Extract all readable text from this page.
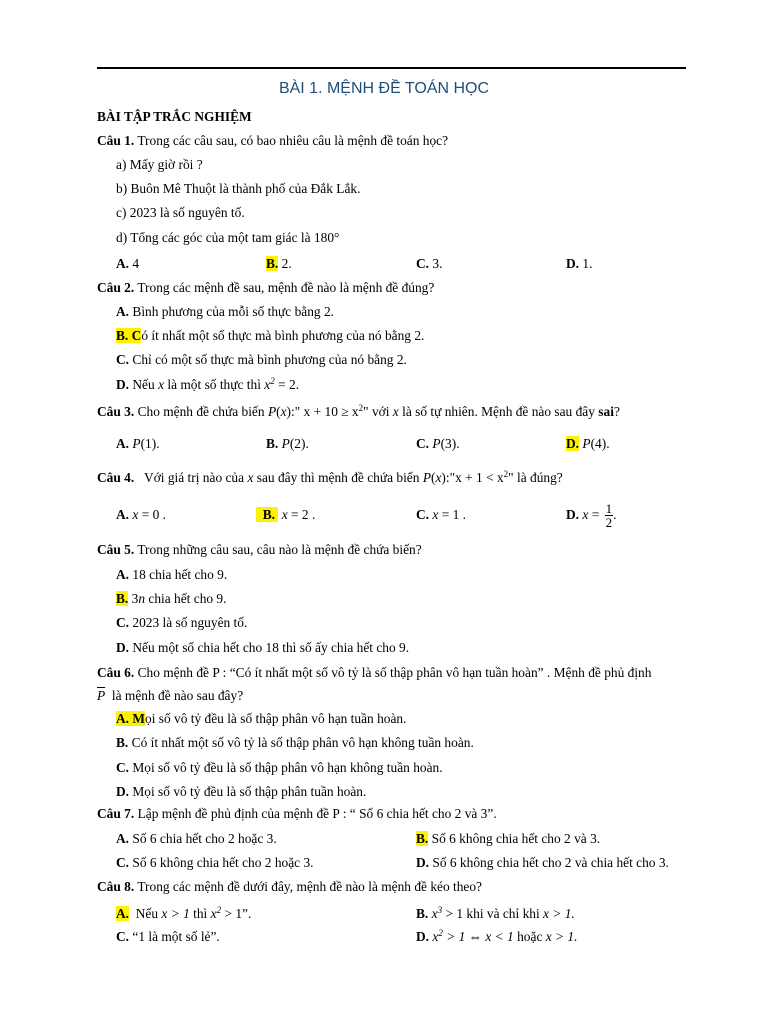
BÀI 1. MỆNH ĐỀ TOÁN HỌC
BÀI TẬP TRẮC NGHIỆM
Câu 1. Trong các câu sau, có bao nhiêu câu là mệnh đề toán học?
a) Mấy giờ rồi ?
b) Buôn Mê Thuột là thành phố của Đắk Lắk.
c) 2023 là số nguyên tố.
d) Tổng các góc của một tam giác là 180°
A. 4	B. 2.	C. 3.	D. 1.
Câu 2. Trong các mệnh đề sau, mệnh đề nào là mệnh đề đúng?
A. Bình phương của mỗi số thực bằng 2.
B. Có ít nhất một số thực mà bình phương của nó bằng 2.
C. Chỉ có một số thực mà bình phương của nó bằng 2.
D. Nếu x là một số thực thì $x^2 = 2$.
Câu 3. Cho mệnh đề chứa biến P(x):" $x + 10 \ge x^2$" với x là số tự nhiên. Mệnh đề nào sau đây sai?
A. P(1).	B. P(2).	C. P(3).	D. P(4).
Câu 4. Với giá trị nào của x sau đây thì mệnh đề chứa biến P(x):"x + $1 < x^2$" là đúng?
A. x = 0 .	B. x = 2 .	C. x = 1 .	D. $x = \frac{1}{2}$ .
Câu 5. Trong những câu sau, câu nào là mệnh đề chứa biến?
A. 18 chia hết cho 9.
B. 3n chia hết cho 9.
C. 2023 là số nguyên tố.
D. Nếu một số chia hết cho 18 thì số ấy chia hết cho 9.
Câu 6. Cho mệnh đề P : “Có ít nhất một số vô tỷ là số thập phân vô hạn tuần hoàn” . Mệnh đề phủ định
$\overline{P}$ là mệnh đề nào sau đây?
A. Mọi số vô tỷ đều là số thập phân vô hạn tuần hoàn.
B. Có ít nhất một số vô tỷ là số thập phân vô hạn không tuần hoàn.
C. Mọi số vô tỷ đều là số thập phân vô hạn không tuần hoàn.
D. Mọi số vô tỷ đều là số thập phân tuần hoàn.
Câu 7. Lập mệnh đề phủ định của mệnh đề P : “ Số 6 chia hết cho 2 và 3”.
A. Số 6 chia hết cho 2 hoặc 3.	B. Số 6 không chia hết cho 2 và 3.
C. Số 6 không chia hết cho 2 hoặc 3.	D. Số 6 không chia hết cho 2 và chia hết cho 3.
Câu 8. Trong các mệnh đề dưới đây, mệnh đề nào là mệnh đề kéo theo?
A. Nếu x > 1 thì $x^2 > 1$”.	B. $x^3 > 1$ khi và chỉ khi x > 1.
C. “1 là một số lẻ”.	D. $x^2 > 1$ ⇔ x < 1 hoặc x > 1.
